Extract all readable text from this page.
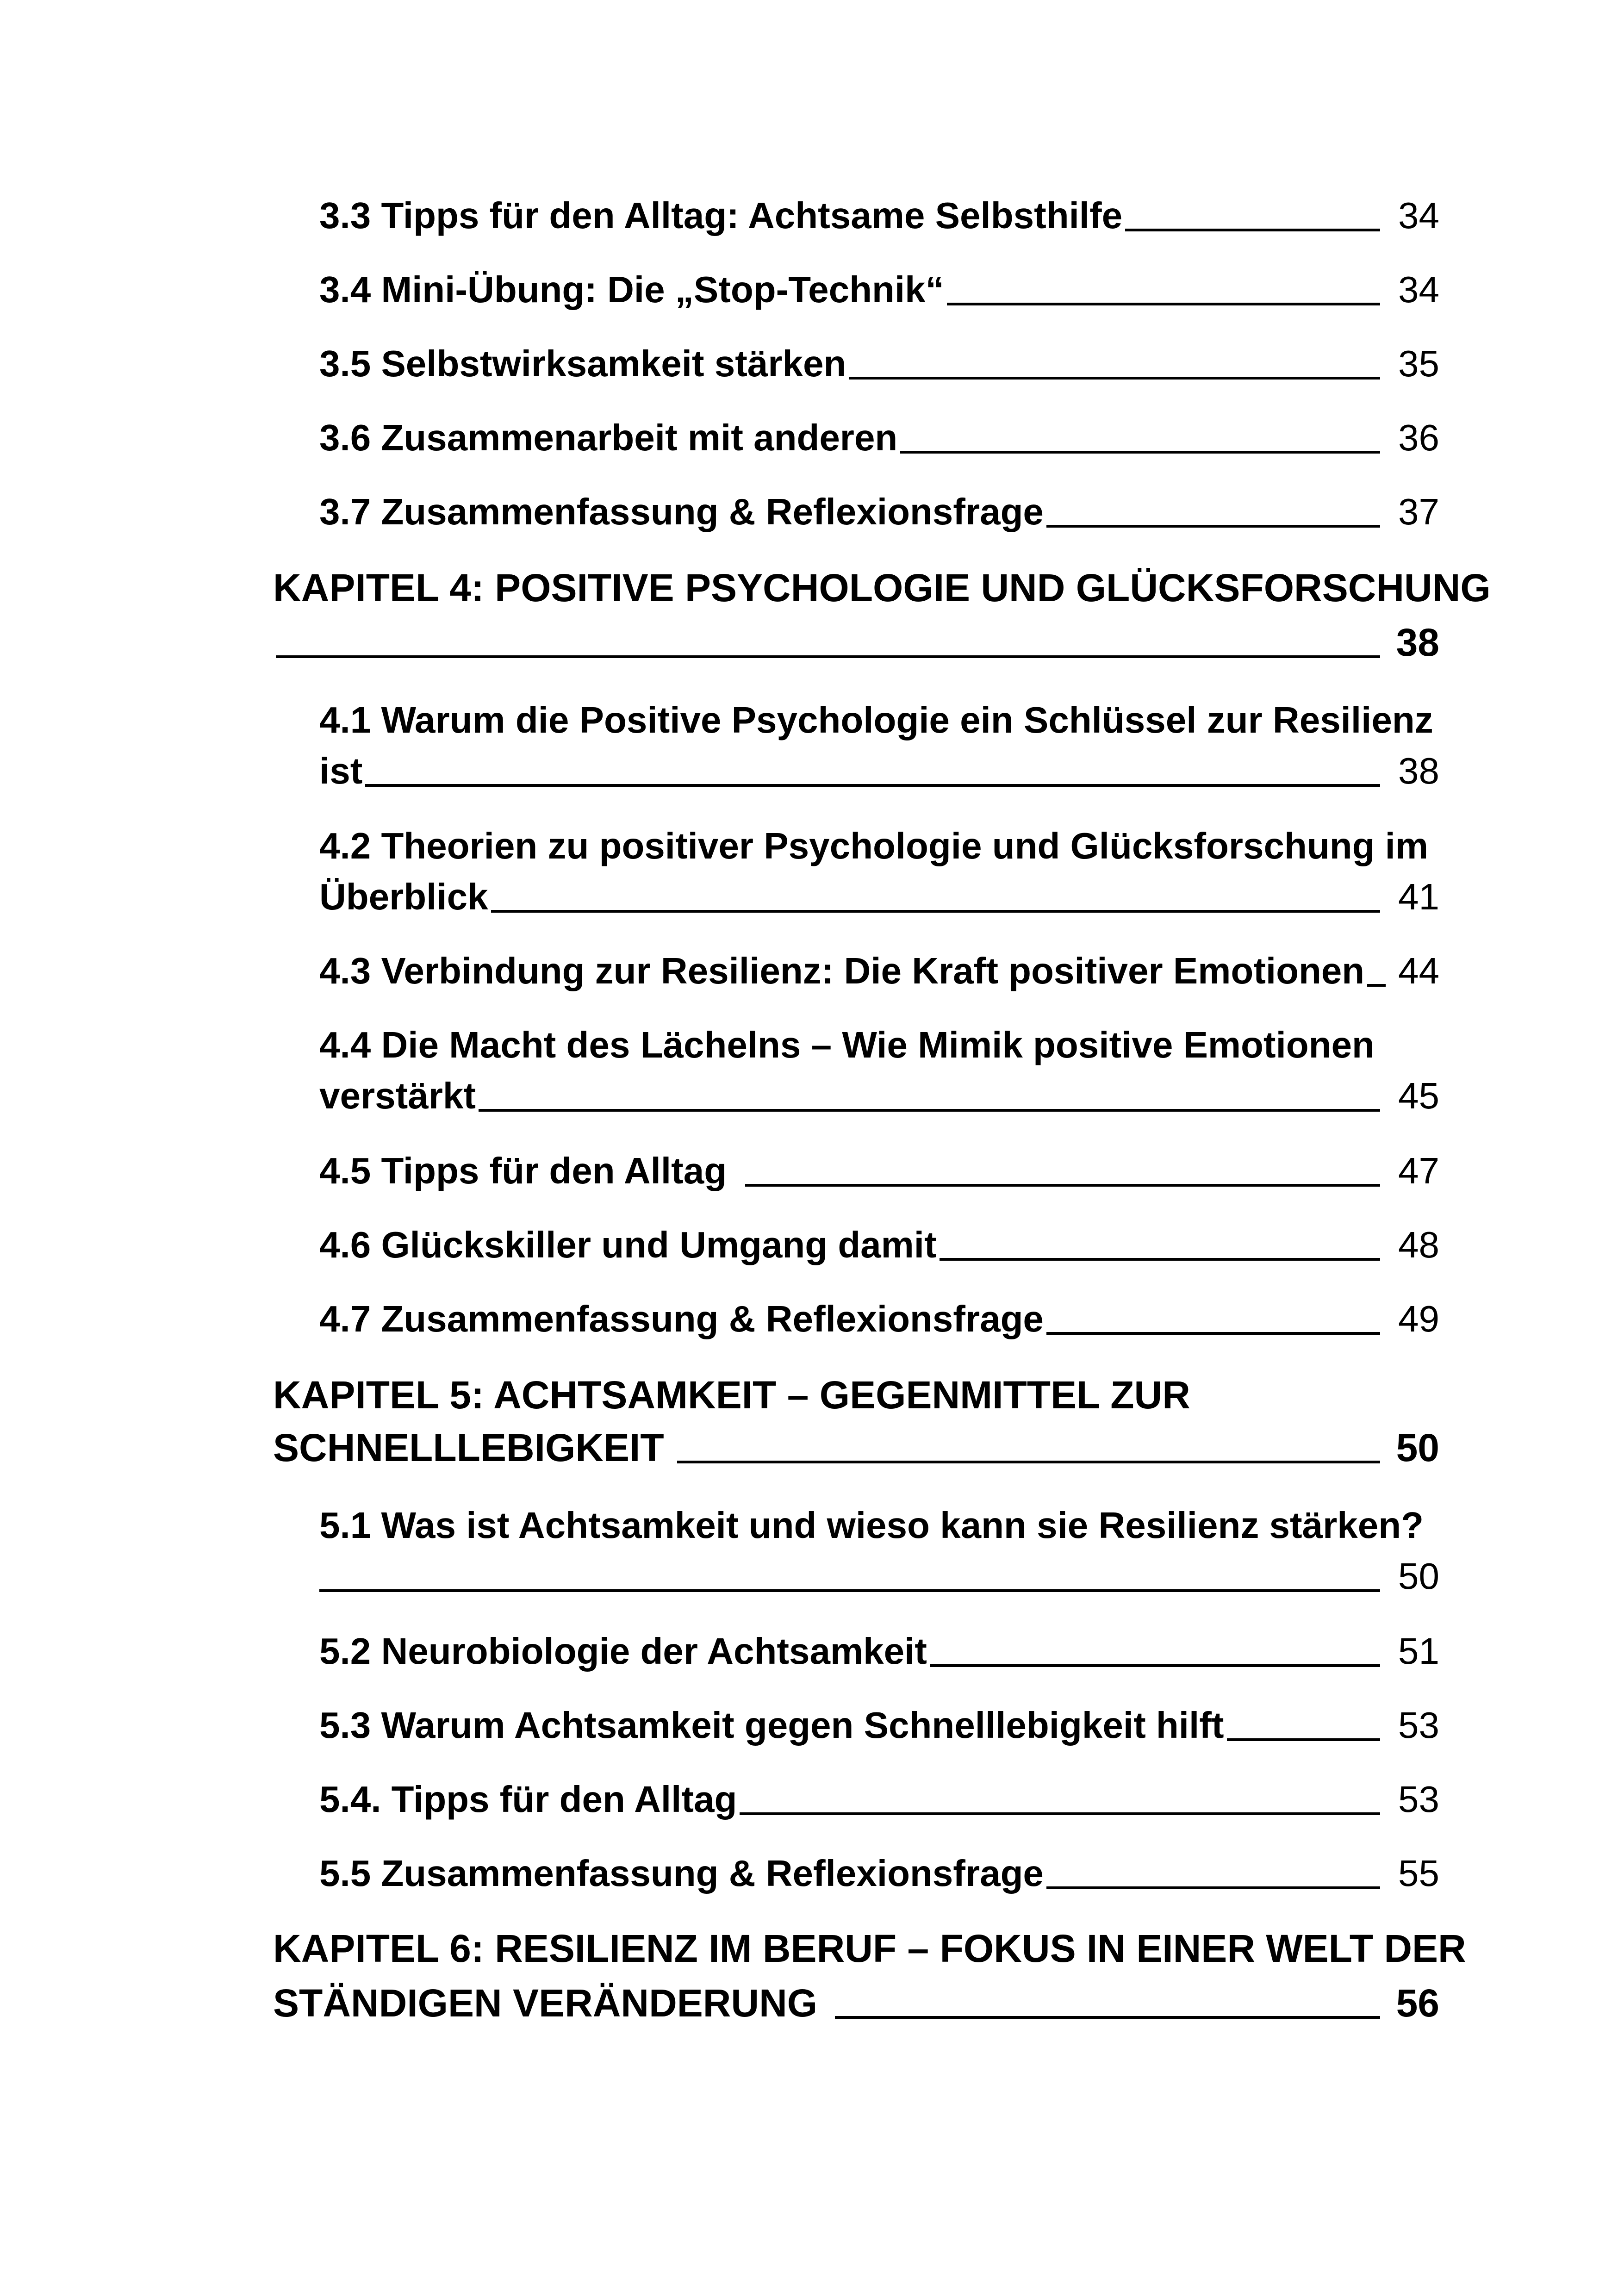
3.3 Tipps für den Alltag: Achtsame Selbsthilfe	34
3.4 Mini-Übung: Die „Stop-Technik“	34
3.5 Selbstwirksamkeit stärken	35
3.6 Zusammenarbeit mit anderen	36
3.7 Zusammenfassung & Reflexionsfrage	37
KAPITEL 4: POSITIVE PSYCHOLOGIE UND GLÜCKSFORSCHUNG
38
4.1 Warum die Positive Psychologie ein Schlüssel zur Resilienz
ist	38
4.2 Theorien zu positiver Psychologie und Glücksforschung im
Überblick	41
4.3 Verbindung zur Resilienz: Die Kraft positiver Emotionen 44
4.4 Die Macht des Lächelns – Wie Mimik positive Emotionen
verstärkt	45
4.5 Tipps für den Alltag	47
4.6 Glückskiller und Umgang damit	48
4.7 Zusammenfassung & Reflexionsfrage	49
KAPITEL 5: ACHTSAMKEIT – GEGENMITTEL ZUR
SCHNELLLEBIGKEIT	50
5.1 Was ist Achtsamkeit und wieso kann sie Resilienz stärken?
50
5.2 Neurobiologie der Achtsamkeit	51
5.3 Warum Achtsamkeit gegen Schnelllebigkeit hilft	53
5.4. Tipps für den Alltag	53
5.5 Zusammenfassung & Reflexionsfrage	55
KAPITEL 6: RESILIENZ IM BERUF – FOKUS IN EINER WELT DER
STÄNDIGEN VERÄNDERUNG	56
